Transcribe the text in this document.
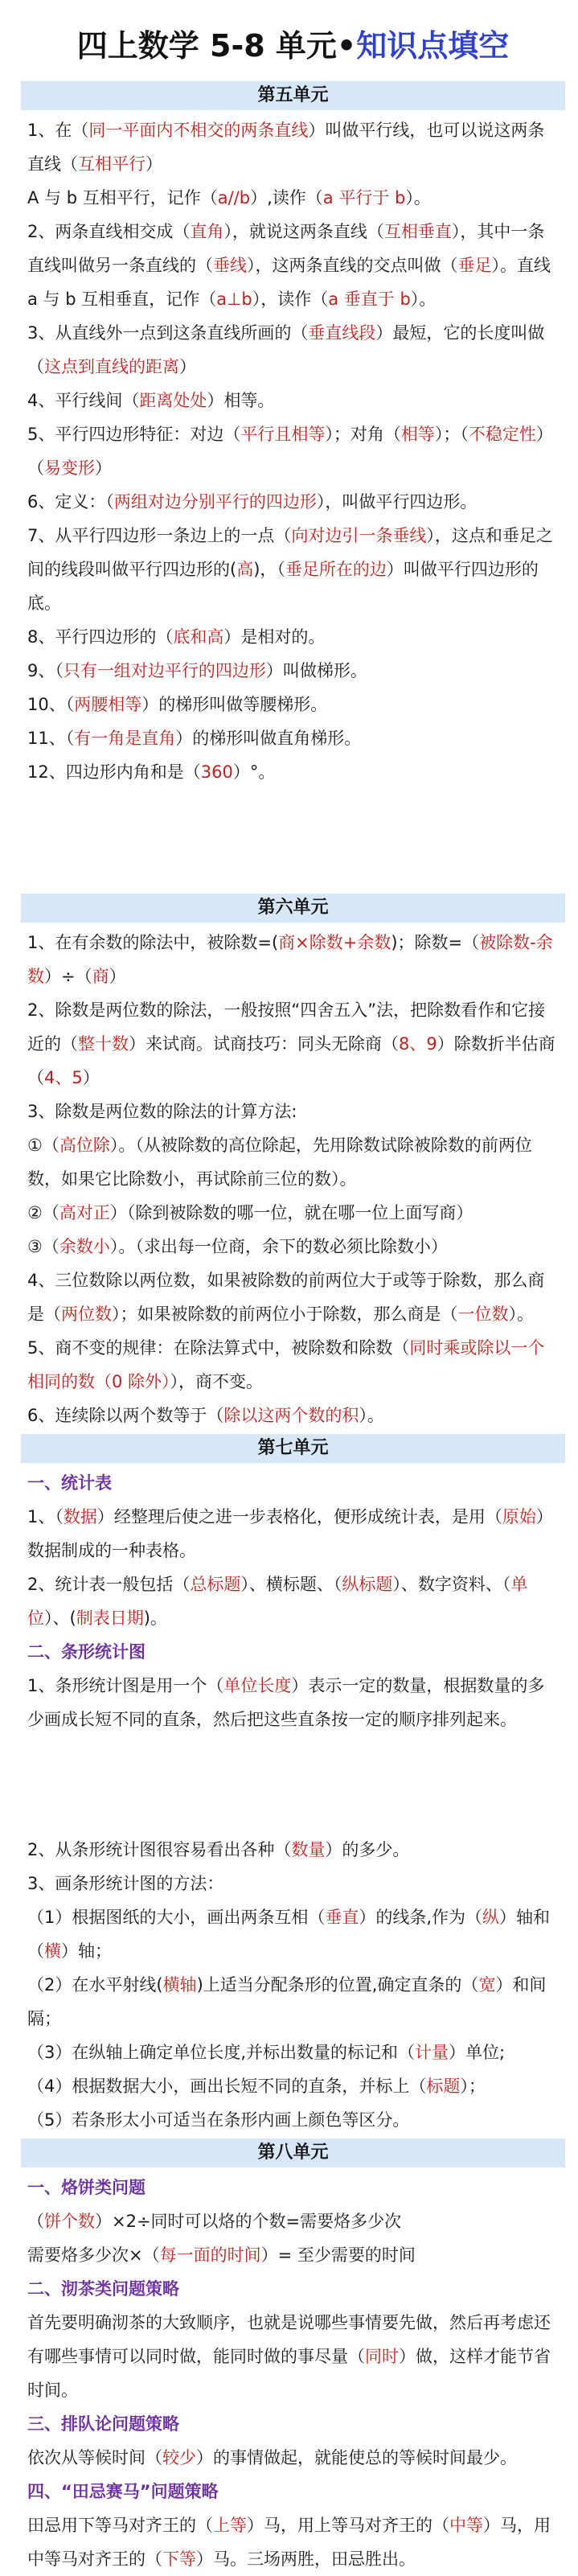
四上数学 5-8 单元•知识点填空
第五单元

1、在（同一平面内不相交的两条直线）叫做平行线，也可以说这两条直线（互相平行）

A 与 b 互相平行，记作（a//b）,读作（a 平行于 b）。

2、两条直线相交成（直角），就说这两条直线（互相垂直），其中一条直线叫做另一条直线的（垂线），这两条直线的交点叫做（垂足）。直线 a 与 b 互相垂直，记作（a⊥b），读作（a 垂直于 b）。

3、从直线外一点到这条直线所画的（垂直线段）最短，它的长度叫做（这点到直线的距离）

4、平行线间（距离处处）相等。

5、平行四边形特征：对边（平行且相等）；对角（相等）；（不稳定性）（易变形）

6、定义：（两组对边分别平行的四边形），叫做平行四边形。

7、从平行四边形一条边上的一点（向对边引一条垂线），这点和垂足之间的线段叫做平行四边形的(高)，（垂足所在的边）叫做平行四边形的底。

8、平行四边形的（底和高）是相对的。

9、（只有一组对边平行的四边形）叫做梯形。

10、（两腰相等）的梯形叫做等腰梯形。

11、（有一角是直角）的梯形叫做直角梯形。

12、四边形内角和是（360）°。

第六单元

1、在有余数的除法中，被除数=(商×除数+余数)；除数=（被除数-余数）÷（商）

2、除数是两位数的除法，一般按照“四舍五入”法，把除数看作和它接近的（整十数）来试商。试商技巧：同头无除商（8、9）除数折半估商（4、5）

3、除数是两位数的除法的计算方法:

①（高位除）。（从被除数的高位除起，先用除数试除被除数的前两位数，如果它比除数小，再试除前三位的数）。

②（高对正）（除到被除数的哪一位，就在哪一位上面写商）

③（余数小）。（求出每一位商，余下的数必须比除数小）

4、三位数除以两位数，如果被除数的前两位大于或等于除数，那么商是（两位数）；如果被除数的前两位小于除数，那么商是（一位数）。

5、商不变的规律：在除法算式中，被除数和除数（同时乘或除以一个相同的数（0 除外）），商不变。

6、连续除以两个数等于（除以这两个数的积）。

第七单元

一、统计表

1、（数据）经整理后使之进一步表格化，便形成统计表，是用（原始）数据制成的一种表格。

2、统计表一般包括（总标题）、横标题、（纵标题）、数字资料、（单位）、(制表日期)。

二、条形统计图

1、条形统计图是用一个（单位长度）表示一定的数量，根据数量的多少画成长短不同的直条，然后把这些直条按一定的顺序排列起来。

2、从条形统计图很容易看出各种（数量）的多少。

3、画条形统计图的方法：

（1）根据图纸的大小，画出两条互相（垂直）的线条,作为（纵）轴和（横）轴；

（2）在水平射线(横轴)上适当分配条形的位置,确定直条的（宽）和间隔；

（3）在纵轴上确定单位长度,并标出数量的标记和（计量）单位;

（4）根据数据大小，画出长短不同的直条，并标上（标题）；

（5）若条形太小可适当在条形内画上颜色等区分。

第八单元

一、烙饼类问题

（饼个数）×2÷同时可以烙的个数=需要烙多少次

需要烙多少次×（每一面的时间）= 至少需要的时间

二、沏茶类问题策略

首先要明确沏茶的大致顺序，也就是说哪些事情要先做，然后再考虑还有哪些事情可以同时做，能同时做的事尽量（同时）做，这样才能节省时间。

三、排队论问题策略

依次从等候时间（较少）的事情做起，就能使总的等候时间最少。

四、“田忌赛马”问题策略

田忌用下等马对齐王的（上等）马，用上等马对齐王的（中等）马，用中等马对齐王的（下等）马。三场两胜，田忌胜出。
